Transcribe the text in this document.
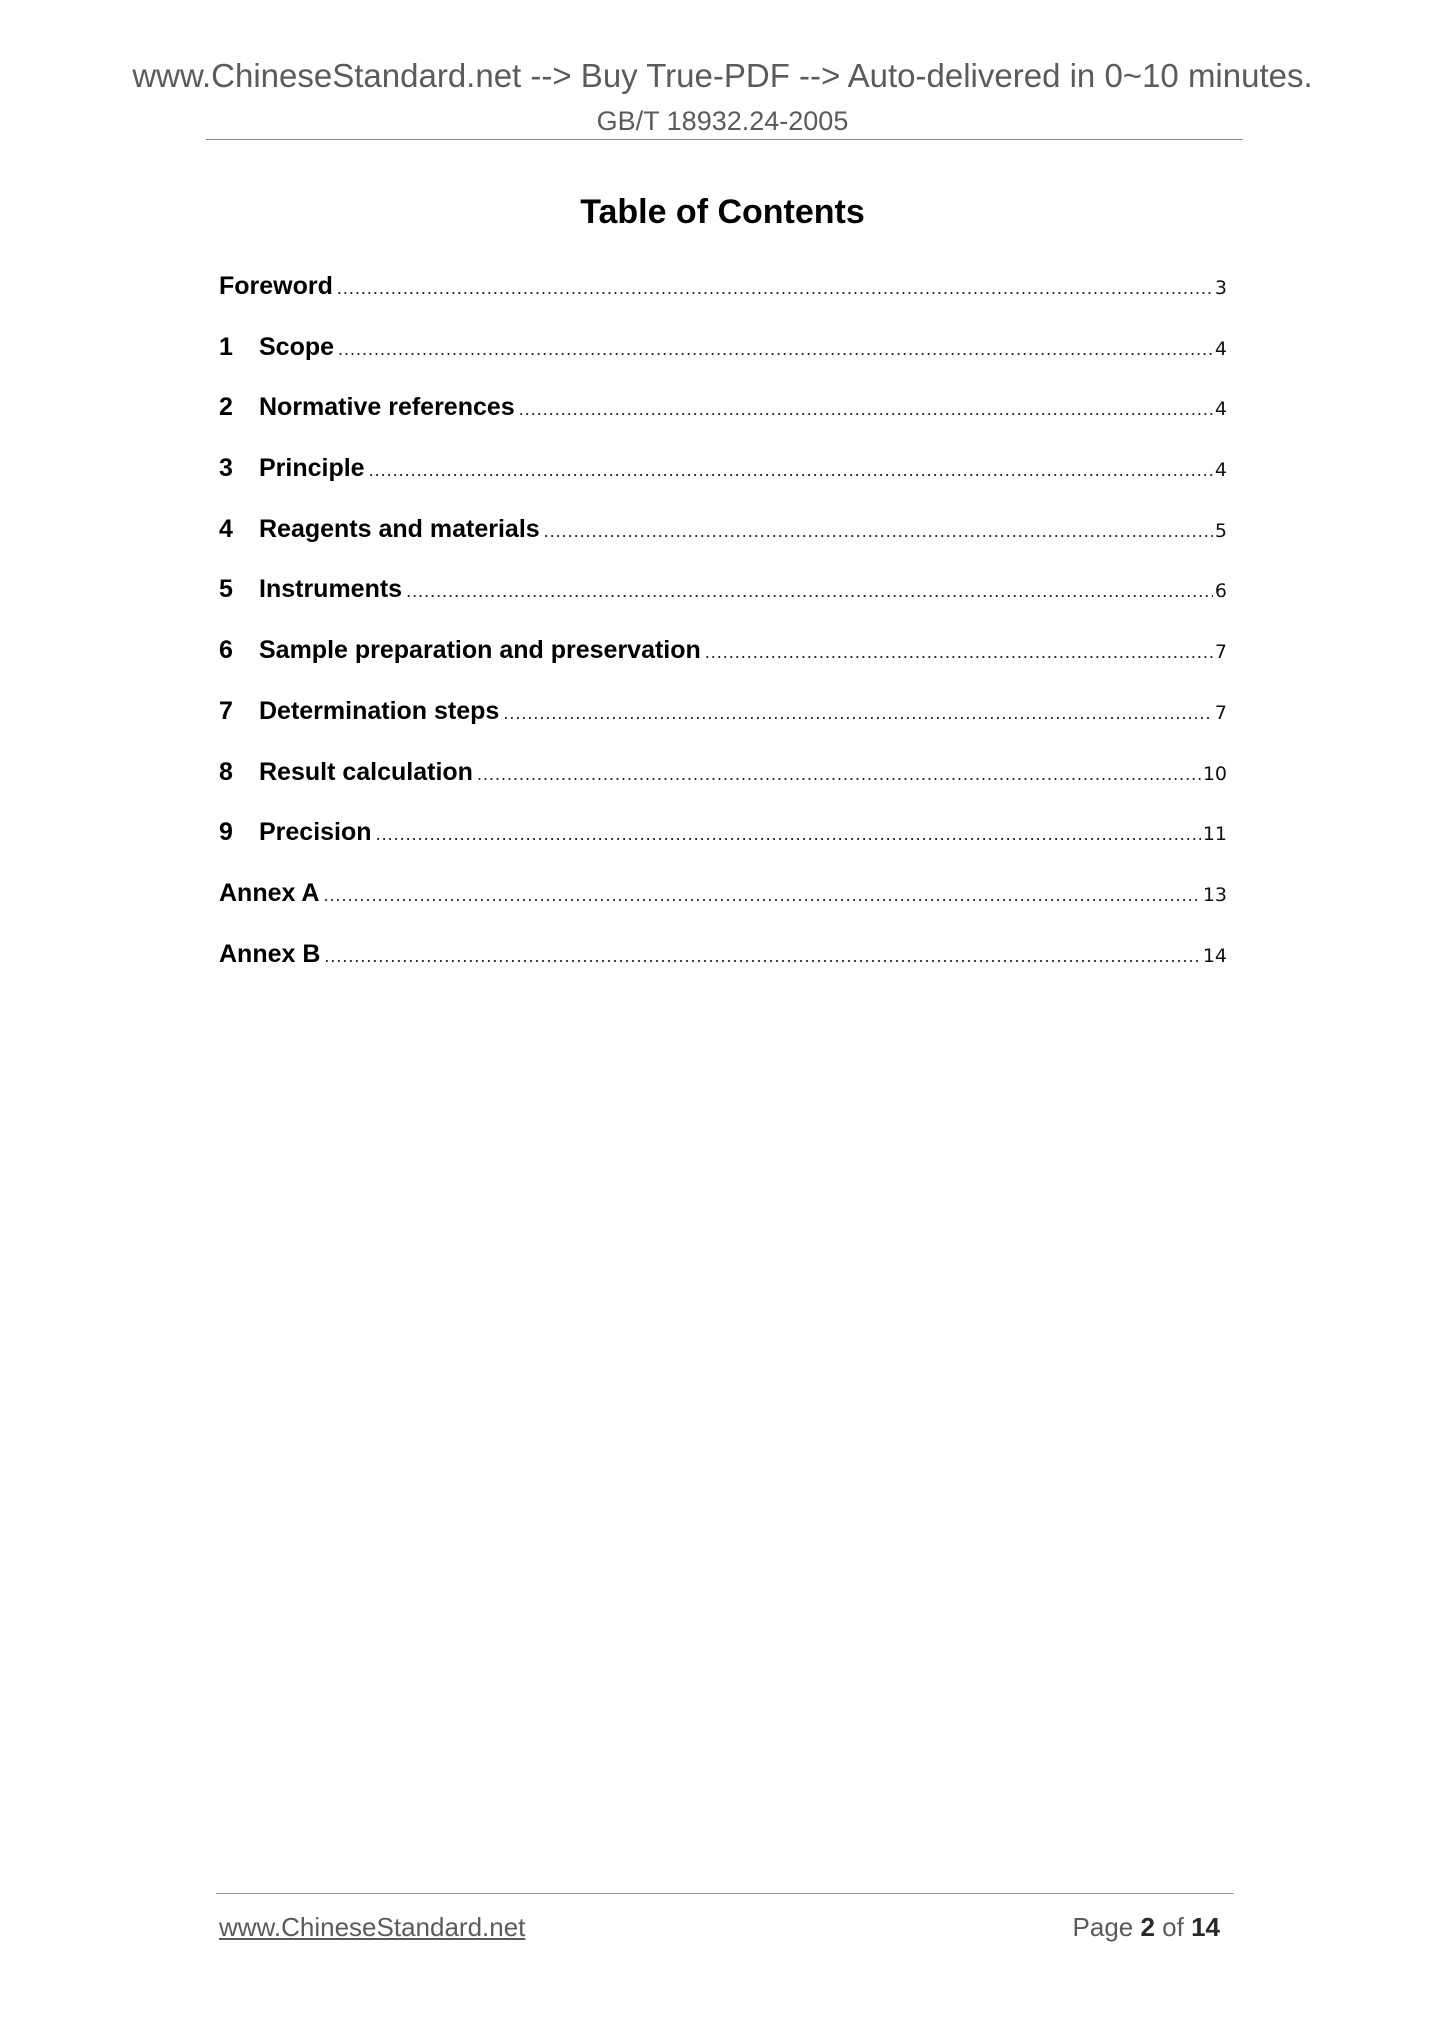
www.ChineseStandard.net --> Buy True-PDF --> Auto-delivered in 0~10 minutes.
GB/T 18932.24-2005
Table of Contents
Foreword .....	3
1	Scope .....	4
2	Normative references .....	4
3	Principle .....	4
4	Reagents and materials .....	5
5	Instruments .....	6
6	Sample preparation and preservation .....	7
7	Determination steps .....	7
8	Result calculation .....	10
9	Precision .....	11
Annex A .....	13
Annex B .....	14
www.ChineseStandard.net	Page 2 of 14
